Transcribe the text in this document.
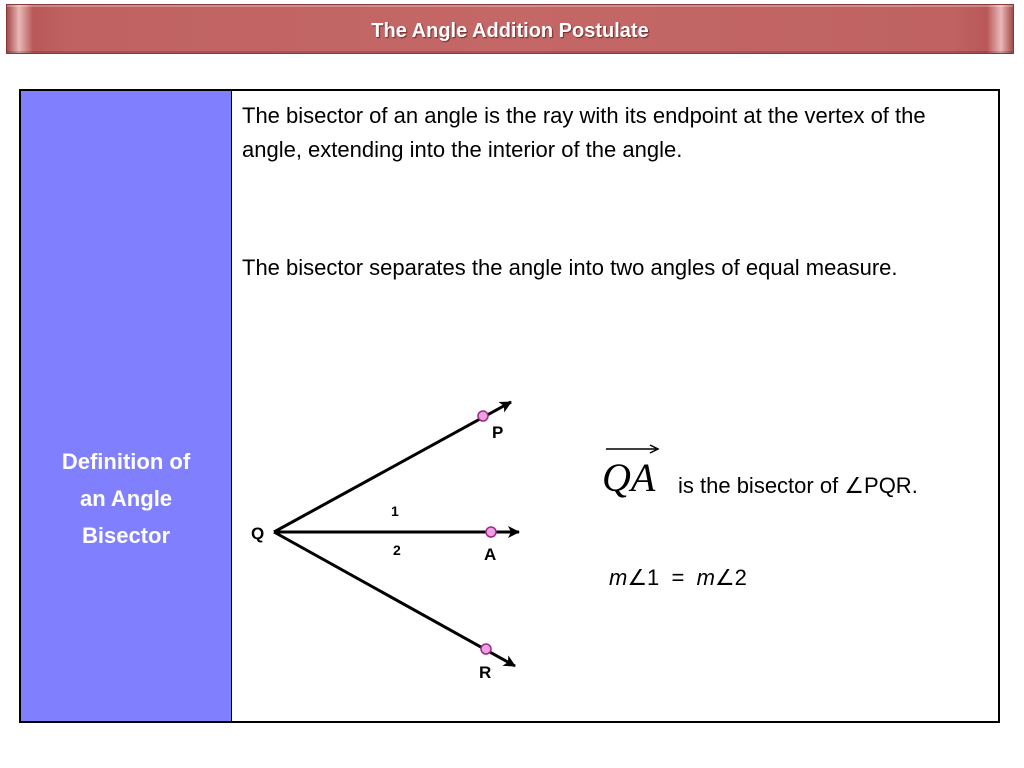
The Angle Addition Postulate
Definition of
an Angle
Bisector

The bisector of an angle is the ray with its endpoint at the vertex of the angle, extending into the interior of the angle.

The bisector separates the angle into two angles of equal measure.

P
Q
A
R
1
2
QA is the bisector of ∠PQR.
m∠1  =  m∠2
